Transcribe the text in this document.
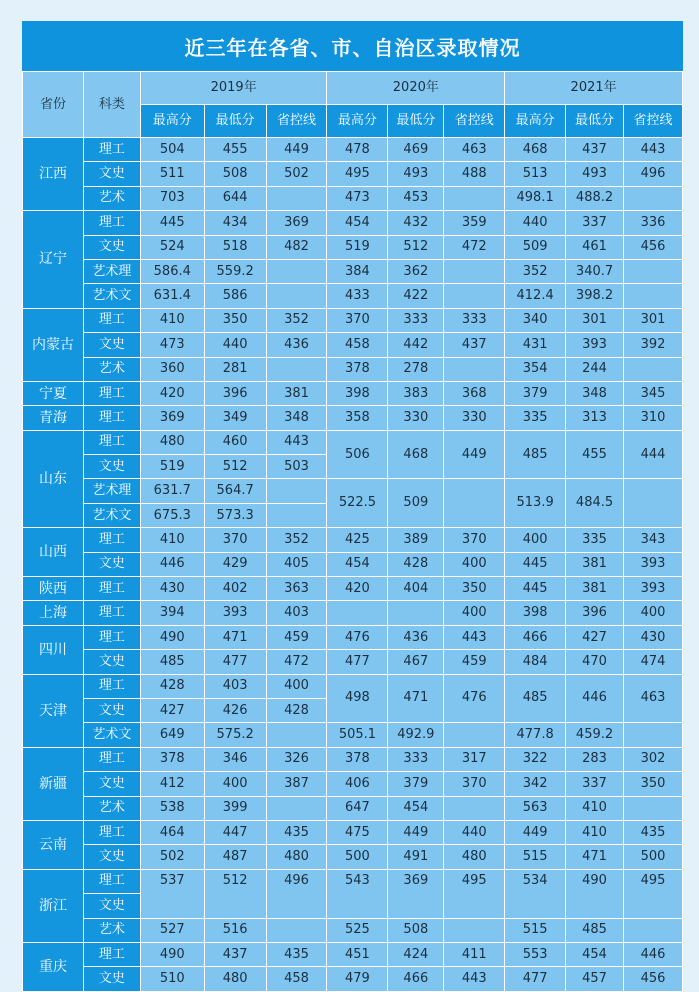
近三年在各省、市、自治区录取情况
省份	科类	2019年			2020年			2021年		
		最高分	最低分	省控线	最高分	最低分	省控线	最高分	最低分	省控线
江西	理工	504	455	449	478	469	463	468	437	443
	文史	511	508	502	495	493	488	513	493	496
	艺术	703	644		473	453		498.1	488.2	
辽宁	理工	445	434	369	454	432	359	440	337	336
	文史	524	518	482	519	512	472	509	461	456
	艺术理	586.4	559.2		384	362		352	340.7	
	艺术文	631.4	586		433	422		412.4	398.2	
内蒙古	理工	410	350	352	370	333	333	340	301	301
	文史	473	440	436	458	442	437	431	393	392
	艺术	360	281		378	278		354	244	
宁夏	理工	420	396	381	398	383	368	379	348	345
青海	理工	369	349	348	358	330	330	335	313	310
山东	理工	480	460	443	506	468	449	485	455	444
	文史	519	512	503						
	艺术理	631.7	564.7		522.5	509		513.9	484.5	
	艺术文	675.3	573.3							
山西	理工	410	370	352	425	389	370	400	335	343
	文史	446	429	405	454	428	400	445	381	393
陕西	理工	430	402	363	420	404	350	445	381	393
上海	理工	394	393	403			400	398	396	400
四川	理工	490	471	459	476	436	443	466	427	430
	文史	485	477	472	477	467	459	484	470	474
天津	理工	428	403	400	498	471	476	485	446	463
	文史	427	426	428						
	艺术文	649	575.2		505.1	492.9		477.8	459.2	
新疆	理工	378	346	326	378	333	317	322	283	302
	文史	412	400	387	406	379	370	342	337	350
	艺术	538	399		647	454		563	410	
云南	理工	464	447	435	475	449	440	449	410	435
	文史	502	487	480	500	491	480	515	471	500
浙江	理工	537	512	496	543	369	495	534	490	495
	文史									
	艺术	527	516		525	508		515	485	
重庆	理工	490	437	435	451	424	411	553	454	446
	文史	510	480	458	479	466	443	477	457	456
